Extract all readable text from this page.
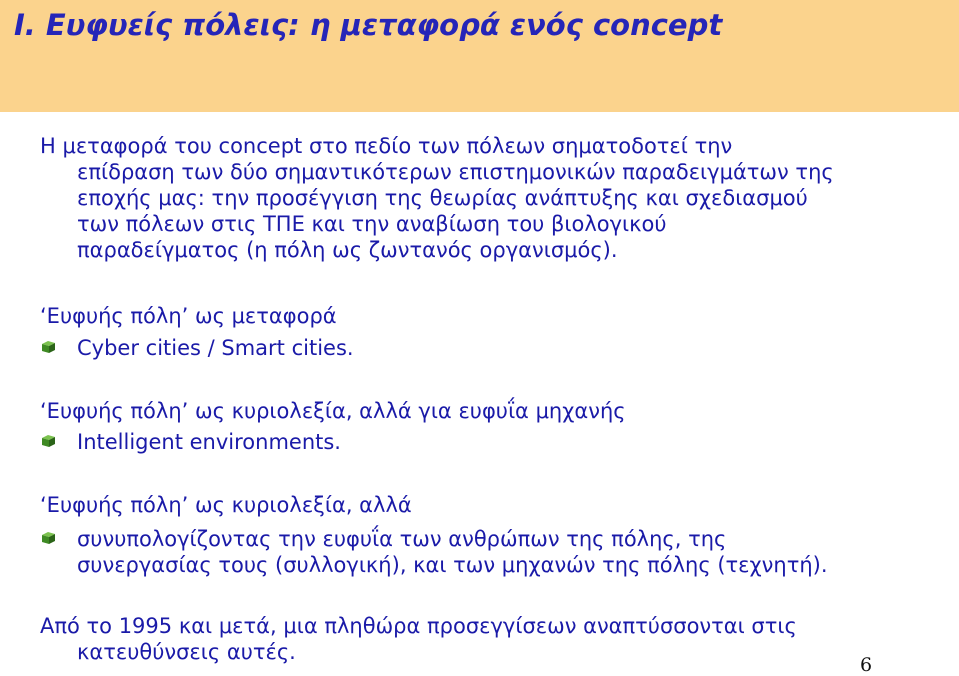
I. Ευφυείς πόλεις: η μεταφορά ενός concept
Η μεταφορά του concept στο πεδίο των πόλεων σηματοδοτεί την
επίδραση των δύο σημαντικότερων επιστημονικών παραδειγμάτων της
εποχής μας: την προσέγγιση της θεωρίας ανάπτυξης και σχεδιασμού
των πόλεων στις ΤΠΕ και την αναβίωση του βιολογικού
παραδείγματος (η πόλη ως ζωντανός οργανισμός).
‘Ευφυής πόλη’ ως μεταφορά
Cyber cities / Smart cities.
‘Ευφυής πόλη’ ως κυριολεξία, αλλά για ευφυΐα μηχανής
Intelligent environments.
‘Ευφυής πόλη’ ως κυριολεξία, αλλά
συνυπολογίζοντας την ευφυΐα των ανθρώπων της πόλης, της
συνεργασίας τους (συλλογική), και των μηχανών της πόλης (τεχνητή).
Από το 1995 και μετά, μια πληθώρα προσεγγίσεων αναπτύσσονται στις
κατευθύνσεις αυτές.
6
